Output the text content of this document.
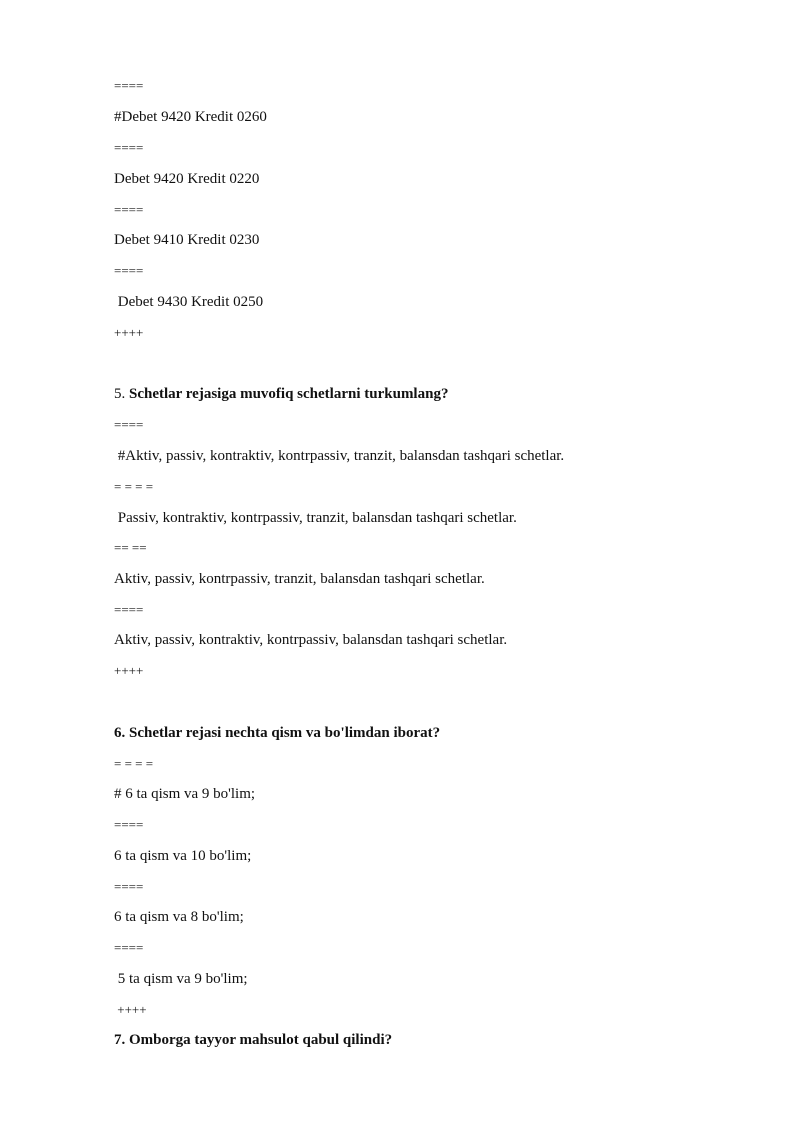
====
#Debet 9420 Kredit 0260
====
Debet 9420 Kredit 0220
====
Debet 9410 Kredit 0230
====
Debet 9430 Kredit 0250
++++
5. Schetlar rejasiga muvofiq schetlarni turkumlang?
====
#Aktiv, passiv, kontraktiv, kontrpassiv, tranzit, balansdan tashqari schetlar.
= = = =
Passiv, kontraktiv, kontrpassiv, tranzit, balansdan tashqari schetlar.
== ==
Aktiv, passiv, kontrpassiv, tranzit, balansdan tashqari schetlar.
====
Aktiv, passiv, kontraktiv, kontrpassiv, balansdan tashqari schetlar.
++++
6. Schetlar rejasi nechta qism va bo'limdan iborat?
= = = =
# 6 ta qism va 9 bo'lim;
====
6 ta qism va 10 bo'lim;
====
6 ta qism va 8 bo'lim;
====
5 ta qism va 9 bo'lim;
++++
7. Omborga tayyor mahsulot qabul qilindi?
